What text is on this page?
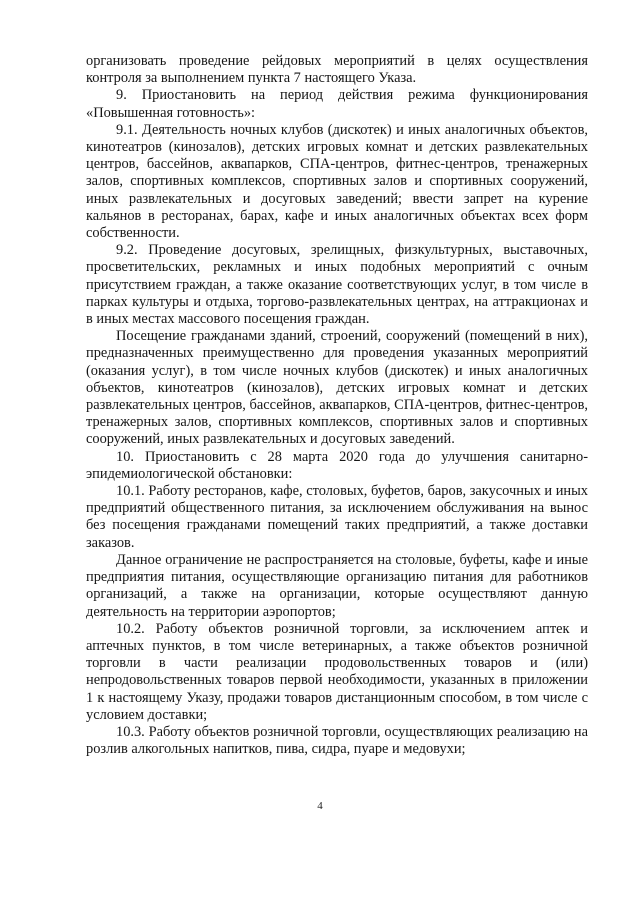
организовать проведение рейдовых мероприятий в целях осуществления контроля за выполнением пункта 7 настоящего Указа.

9. Приостановить на период действия режима функционирования «Повышенная готовность»:

9.1. Деятельность ночных клубов (дискотек) и иных аналогичных объектов, кинотеатров (кинозалов), детских игровых комнат и детских развлекательных центров, бассейнов, аквапарков, СПА-центров, фитнес-центров, тренажерных залов, спортивных комплексов, спортивных залов и спортивных сооружений, иных развлекательных и досуговых заведений; ввести запрет на курение кальянов в ресторанах, барах, кафе и иных аналогичных объектах всех форм собственности.

9.2. Проведение досуговых, зрелищных, физкультурных, выставочных, просветительских, рекламных и иных подобных мероприятий с очным присутствием граждан, а также оказание соответствующих услуг, в том числе в парках культуры и отдыха, торгово-развлекательных центрах, на аттракционах и в иных местах массового посещения граждан.

Посещение гражданами зданий, строений, сооружений (помещений в них), предназначенных преимущественно для проведения указанных мероприятий (оказания услуг), в том числе ночных клубов (дискотек) и иных аналогичных объектов, кинотеатров (кинозалов), детских игровых комнат и детских развлекательных центров, бассейнов, аквапарков, СПА-центров, фитнес-центров, тренажерных залов, спортивных комплексов, спортивных залов и спортивных сооружений, иных развлекательных и досуговых заведений.

10. Приостановить с 28 марта 2020 года до улучшения санитарно-эпидемиологической обстановки:

10.1. Работу ресторанов, кафе, столовых, буфетов, баров, закусочных и иных предприятий общественного питания, за исключением обслуживания на вынос без посещения гражданами помещений таких предприятий, а также доставки заказов.

Данное ограничение не распространяется на столовые, буфеты, кафе и иные предприятия питания, осуществляющие организацию питания для работников организаций, а также на организации, которые осуществляют данную деятельность на территории аэропортов;

10.2. Работу объектов розничной торговли, за исключением аптек и аптечных пунктов, в том числе ветеринарных, а также объектов розничной торговли в части реализации продовольственных товаров и (или) непродовольственных товаров первой необходимости, указанных в приложении 1 к настоящему Указу, продажи товаров дистанционным способом, в том числе с условием доставки;

10.3. Работу объектов розничной торговли, осуществляющих реализацию на розлив алкогольных напитков, пива, сидра, пуаре и медовухи;

4
